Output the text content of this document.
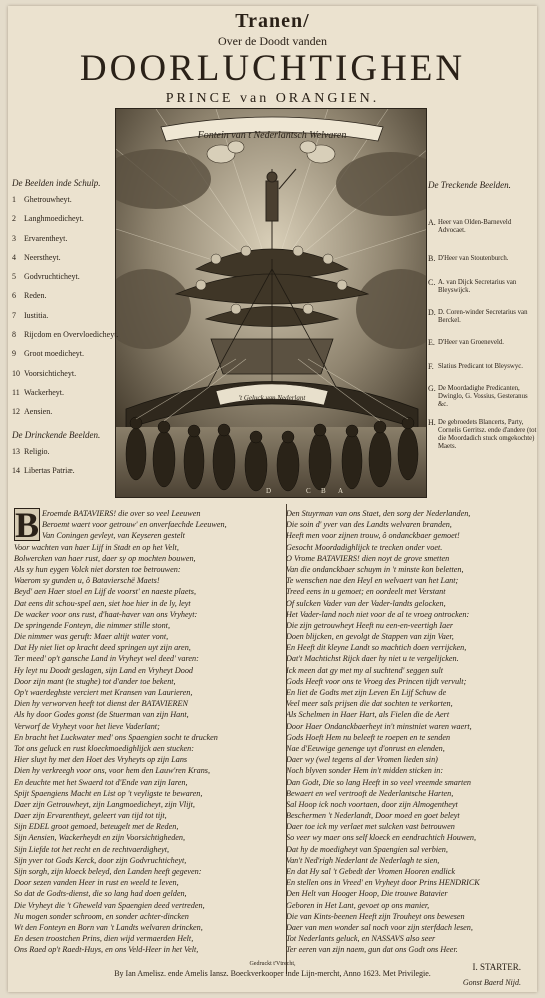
Tranen/
Over de Doodt vanden
DOORLUCHTIGHEN
PRINCE van ORANGIEN.
Fontein van t Nederlantsch Welvaren
't Geluck van Nederlant
D	C B A
De Beelden inde Schulp.
1 Ghetrouwheyt.
2 Langhmoedicheyt.
3 Ervarentheyt.
4 Neerstheyt.
5 Godvruchticheyt.
6 Reden.
7 Iustitia.
8 Rijcdom en Overvloedicheyt.
9 Groot moedicheyt.
10 Voorsichticheyt.
11 Wackerheyt.
12 Aensien.
De Drinckende Beelden.
13 Religio.
14 Libertas Patriæ.
De Treckende Beelden.
A. Heer van Olden-Barneveld Advocaet.
B. D'Heer van Stoutenburch.
C. A. van Dijck Secretarius van Bleyswijck.
D. D. Coren-winder Secretarius van Berckel.
E. D'Heer van Groeneveld.
F. Slatius Predicant tot Bleyswyc.
G. De Moordadighe Predicanten, Dwinglo, G. Vossius, Gesteranus &c.
H. De gebroedets Blancerts, Party, Cornelis Gerritsz. ende d'andere (tot die Moordadich stuck omgekochte) Maets.
B Eroemde BATAVIERS! die over so veel Leeuwen
Beroemt waert voor getrouw' en onverfaechde Leeuwen,
Van Coningen gevleyt, van Keyseren gestelt
Voor wachten van haer Lijf in Stadt en op het Velt,
Bolwercken van haer rust, daer sy op mochten bouwen,
Als sy hun eygen Volck niet dorsten toe betrouwen:
Waerom sy gunden u, ô Batavierschë Maets!
Beyd' aen Haer stoel en Lijf de voorst' en naeste plaets,
Dat eens dit schou-spel aen, siet hoe hier in de ly, leyt
De wacker voor ons rust, d'haat-haver van ons Vryheyt:
De springende Fonteyn, die nimmer stille stont,
Die nimmer was geruft: Maer altijt water vont,
Dat Hy niet liet op kracht deed springen uyt zijn aren,
Ter meed' op't gansche Land in Vryheyt wel deed' varen:
Hy leyt nu Doodt geslagen, sijn Land en Vryheyt Dood
Door zijn mant (te stughe) tot d'ander toe bekent,
Op't waerdeghste verciert met Kransen van Laurieren,
Dien hy verworven heeft tot dienst der BATAVIEREN
Als hy door Godes gonst (de Stuerman van zijn Hant,
Verworf de Vryheyt voor het lieve Vaderlant;
En bracht het Luckwater med' ons Spaengien socht te drucken
Tot ons geluck en rust kloeckmoedighlijck aen stucken:
Hier sluyt hy met den Hoet des Vryheyts op zijn Lans
Dien hy verkreegh voor ons, voor hem den Lauw'ren Krans,
En deuchte met het Swaerd tot d'Ende van zijn Iaren,
Spijt Spaengiens Macht en List op 't veyligste te bewaren,
Daer zijn Getrouwheyt, zijn Langmoedicheyt, zijn Vlijt,
Daer zijn Ervarentheyt, geleert van tijd tot tijt,
Sijn EDEL groot gemoed, beteugelt met de Reden,
Sijn Aensien, Wackerheydt en zijn Voorsichtigheden,
Sijn Liefde tot het recht en de rechtvaerdigheyt,
Sijn yver tot Gods Kerck, door zijn Godvruchticheyt,
Sijn sorgh, zijn kloeck beleyd, den Landen heeft gegeven:
Door sezen vanden Heer in rust en weeld te leven,
So dat de Godts-dienst, die so lang had doen gelden,
Die Vryheyt die 't Gheweld van Spaengien deed vertreden,
Nu mogen sonder schroom, en sonder achter-dincken
Wt den Fonteyn en Born van 't Landts welvaren drincken,
En desen troostchen Prins, dien wijd vermaerden Helt,
Ons Raed op't Raedt-Huys, en ons Veld-Heer in het Velt,
Den Stuyrman van ons Staet, den sorg der Nederlanden,
Die soin d' yver van des Landts welvaren branden,
Heeft men voor zijnen trouw, ô ondanckbaer gemoet!
Gesocht Moordadighlijck te trecken onder voet.
O Vrome BATAVIERS! dien noyt de grove smetten
Van die ondanckbaer schuym in 't minste kon beletten,
Te wenschen nae den Heyl en welvaert van het Lant;
Treed eens in u gemoet; en oordeelt met Verstant
Of sulcken Vader van der Vader-landts gelocken,
Het Vader-land noch niet voor de al te vroeg ontrocken:
Die zijn getrouwheyt Heeft nu een-en-veertigh Iaer
Doen blijcken, en gevolgt de Stappen van zijn Vaer,
En Heeft dit kleyne Landt so machtich doen verrijcken,
Dat't Machtichst Rijck daer hy niet u te vergelijcken.
Ick meen dat gy met my al suchtend' seggen sult
Gods Heeft voor ons te Vroeg des Princen tijdt vervult;
En liet de Godts met zijn Leven En Lijf Schuw de
Veel meer sals prijsen die dat sochten te verkorten,
Als Schelmen in Haer Hart, als Fielen die de Aert
Door Haer Ondanckbaerheyt in't minstniet waren waert,
Gods Hoeft Hem nu beleeft te roepen en te senden
Nae d'Eeuwige genenge uyt d'onrust en elenden,
Daer wy (wel tegens al der Vromen lieden sin)
Noch blyven sonder Hem in't midden sticken in:
Dan Godt, Die so lang Heeft in so veel vreemde smarten
Bewaert en wel vertrooft de Nederlantsche Harten,
Sal Hoop ick noch voortaen, door zijn Almogentheyt
Beschermen 't Nederlandt, Door moed en goet beleyt
Daer toe ick my verlaet met sulcken vast betrouwen
So veer wy maer ons self kloeck en eendrachtich Houwen,
Dat hy de moedigheyt van Spaengien sal verbien,
Van't Ned'righ Nederlant de Nederlagh te sien,
En dat Hy sal 't Gebedt der Vromen Hooren endlick
En stellen ons in Vreed' en Vryheyt door Prins HENDRICK
Den Helt van Hooger Hoop, Die trouwe Batavier
Geboren in Het Lant, gevoet op ons manier,
Die van Kints-beenen Heeft zijn Trouheyt ons bewesen
Daer van men wonder sal noch voor zijn sterfdach lesen,
Tot Nederlants geluck, en NASSAVS also seer
Ter eeren van zijn naem, gun dat ons Godt ons Heer.
Gedruckt t'Vtrecht,
By Ian Amelisz. ende Amelis Iansz. Boeckverkooper inde Lijn-mercht, Anno 1623. Met Privilegie.
I. STARTER.
Gonst Baerd Nijd.
